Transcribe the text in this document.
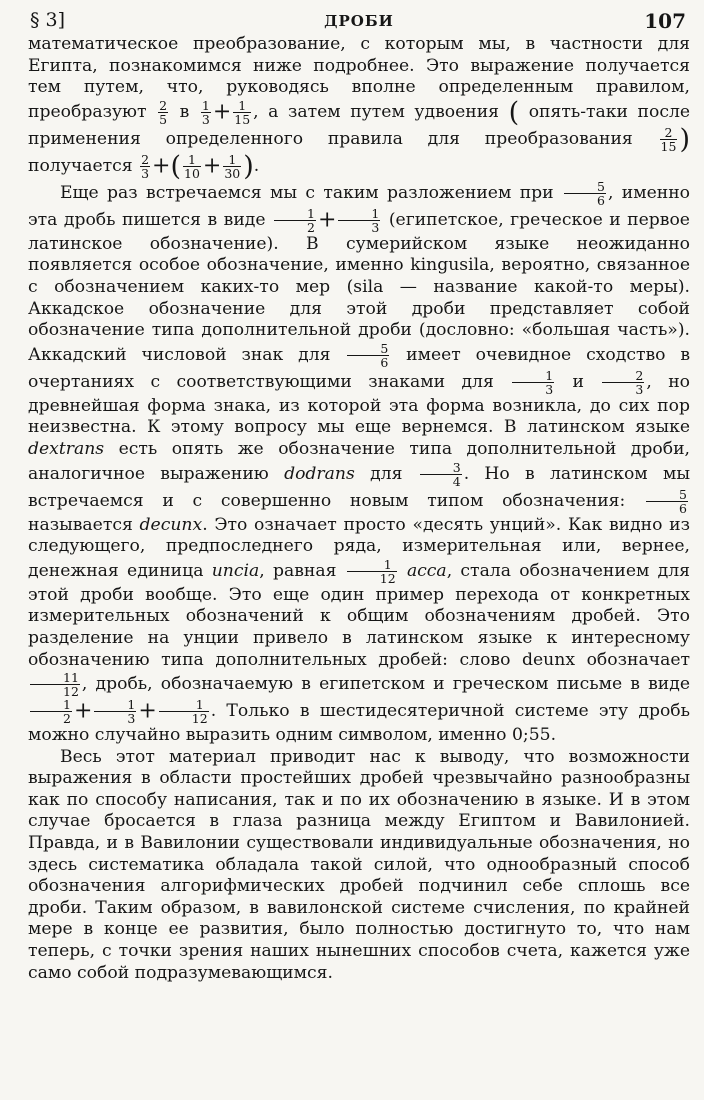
§ 3]	ДРОБИ	107

математическое преобразование, с которым мы, в частности для Египта, познакомимся ниже подробнее. Это выражение получается тем путем, что, руководясь вполне определенным правилом, преобразуют $\frac{2}{5}$ в $\frac{1}{3} + \frac{1}{15}$ , а затем путем удвоения ( опять-таки после применения определенного правила для преобразования $\frac{2}{15}$ ) получается $\frac{2}{3}$ +( $\frac{1}{10} + \frac{1}{30}$ ).

Еще раз встречаемся мы с таким разложением при $\frac{5}{6}$ , именно эта дробь пишется в виде $\frac{1}{2} + \frac{1}{3}$ (египетское, греческое и первое латинское обозначение). В сумерийском языке неожиданно появляется особое обозначение, именно kingusila, вероятно, связанное с обозначением каких-то мер (sila — название какой-то меры). Аккадское обозначение для этой дроби представляет собой обозначение типа дополнительной дроби (дословно: «большая часть»). Аккадский числовой знак для $\frac{5}{6}$ имеет очевидное сходство в очертаниях с соответствующими знаками для $\frac{1}{3}$ и $\frac{2}{3}$ , но древнейшая форма знака, из которой эта форма возникла, до сих пор неизвестна. К этому вопросу мы еще вернемся. В латинском языке dextrans есть опять же обозначение типа дополнительной дроби, аналогичное выражению dodrans для $\frac{3}{4}$ . Но в латинском мы встречаемся и с совершенно новым типом обозначения: $\frac{5}{6}$
называется decunx. Это означает просто «десять унций». Как видно из следующего, предпоследнего ряда, измерительная или, вернее, денежная единица uncia, равная $\frac{1}{12}$ асса, стала обозначением для этой дроби вообще. Это еще один пример перехода от конкретных измерительных обозначений к общим обозначениям дробей. Это разделение на унции привело в латинском языке к интересному обозначению типа дополнительных дробей: слово deunx обозначает
$\frac{11}{12}$ , дробь, обозначаемую в египетском и греческом письме в виде
$\frac{1}{2} + \frac{1}{3} + \frac{1}{12}$ . Только в шестидесятеричной системе эту дробь можно случайно выразить одним символом, именно 0;55.

Весь этот материал приводит нас к выводу, что возможности выражения в области простейших дробей чрезвычайно разнообразны как по способу написания, так и по их обозначению в языке. И в этом случае бросается в глаза разница между Египтом и Вавилонией. Правда, и в Вавилонии существовали индивидуальные обозначения, но здесь систематика обладала такой силой, что однообразный способ обозначения алгорифмических дробей подчинил себе сплошь все дроби. Таким образом, в вавилонской системе счисления, по крайней мере в конце ее развития, было полностью достигнуто то, что нам теперь, с точки зрения наших нынешних способов счета, кажется уже само собой подразумевающимся.
